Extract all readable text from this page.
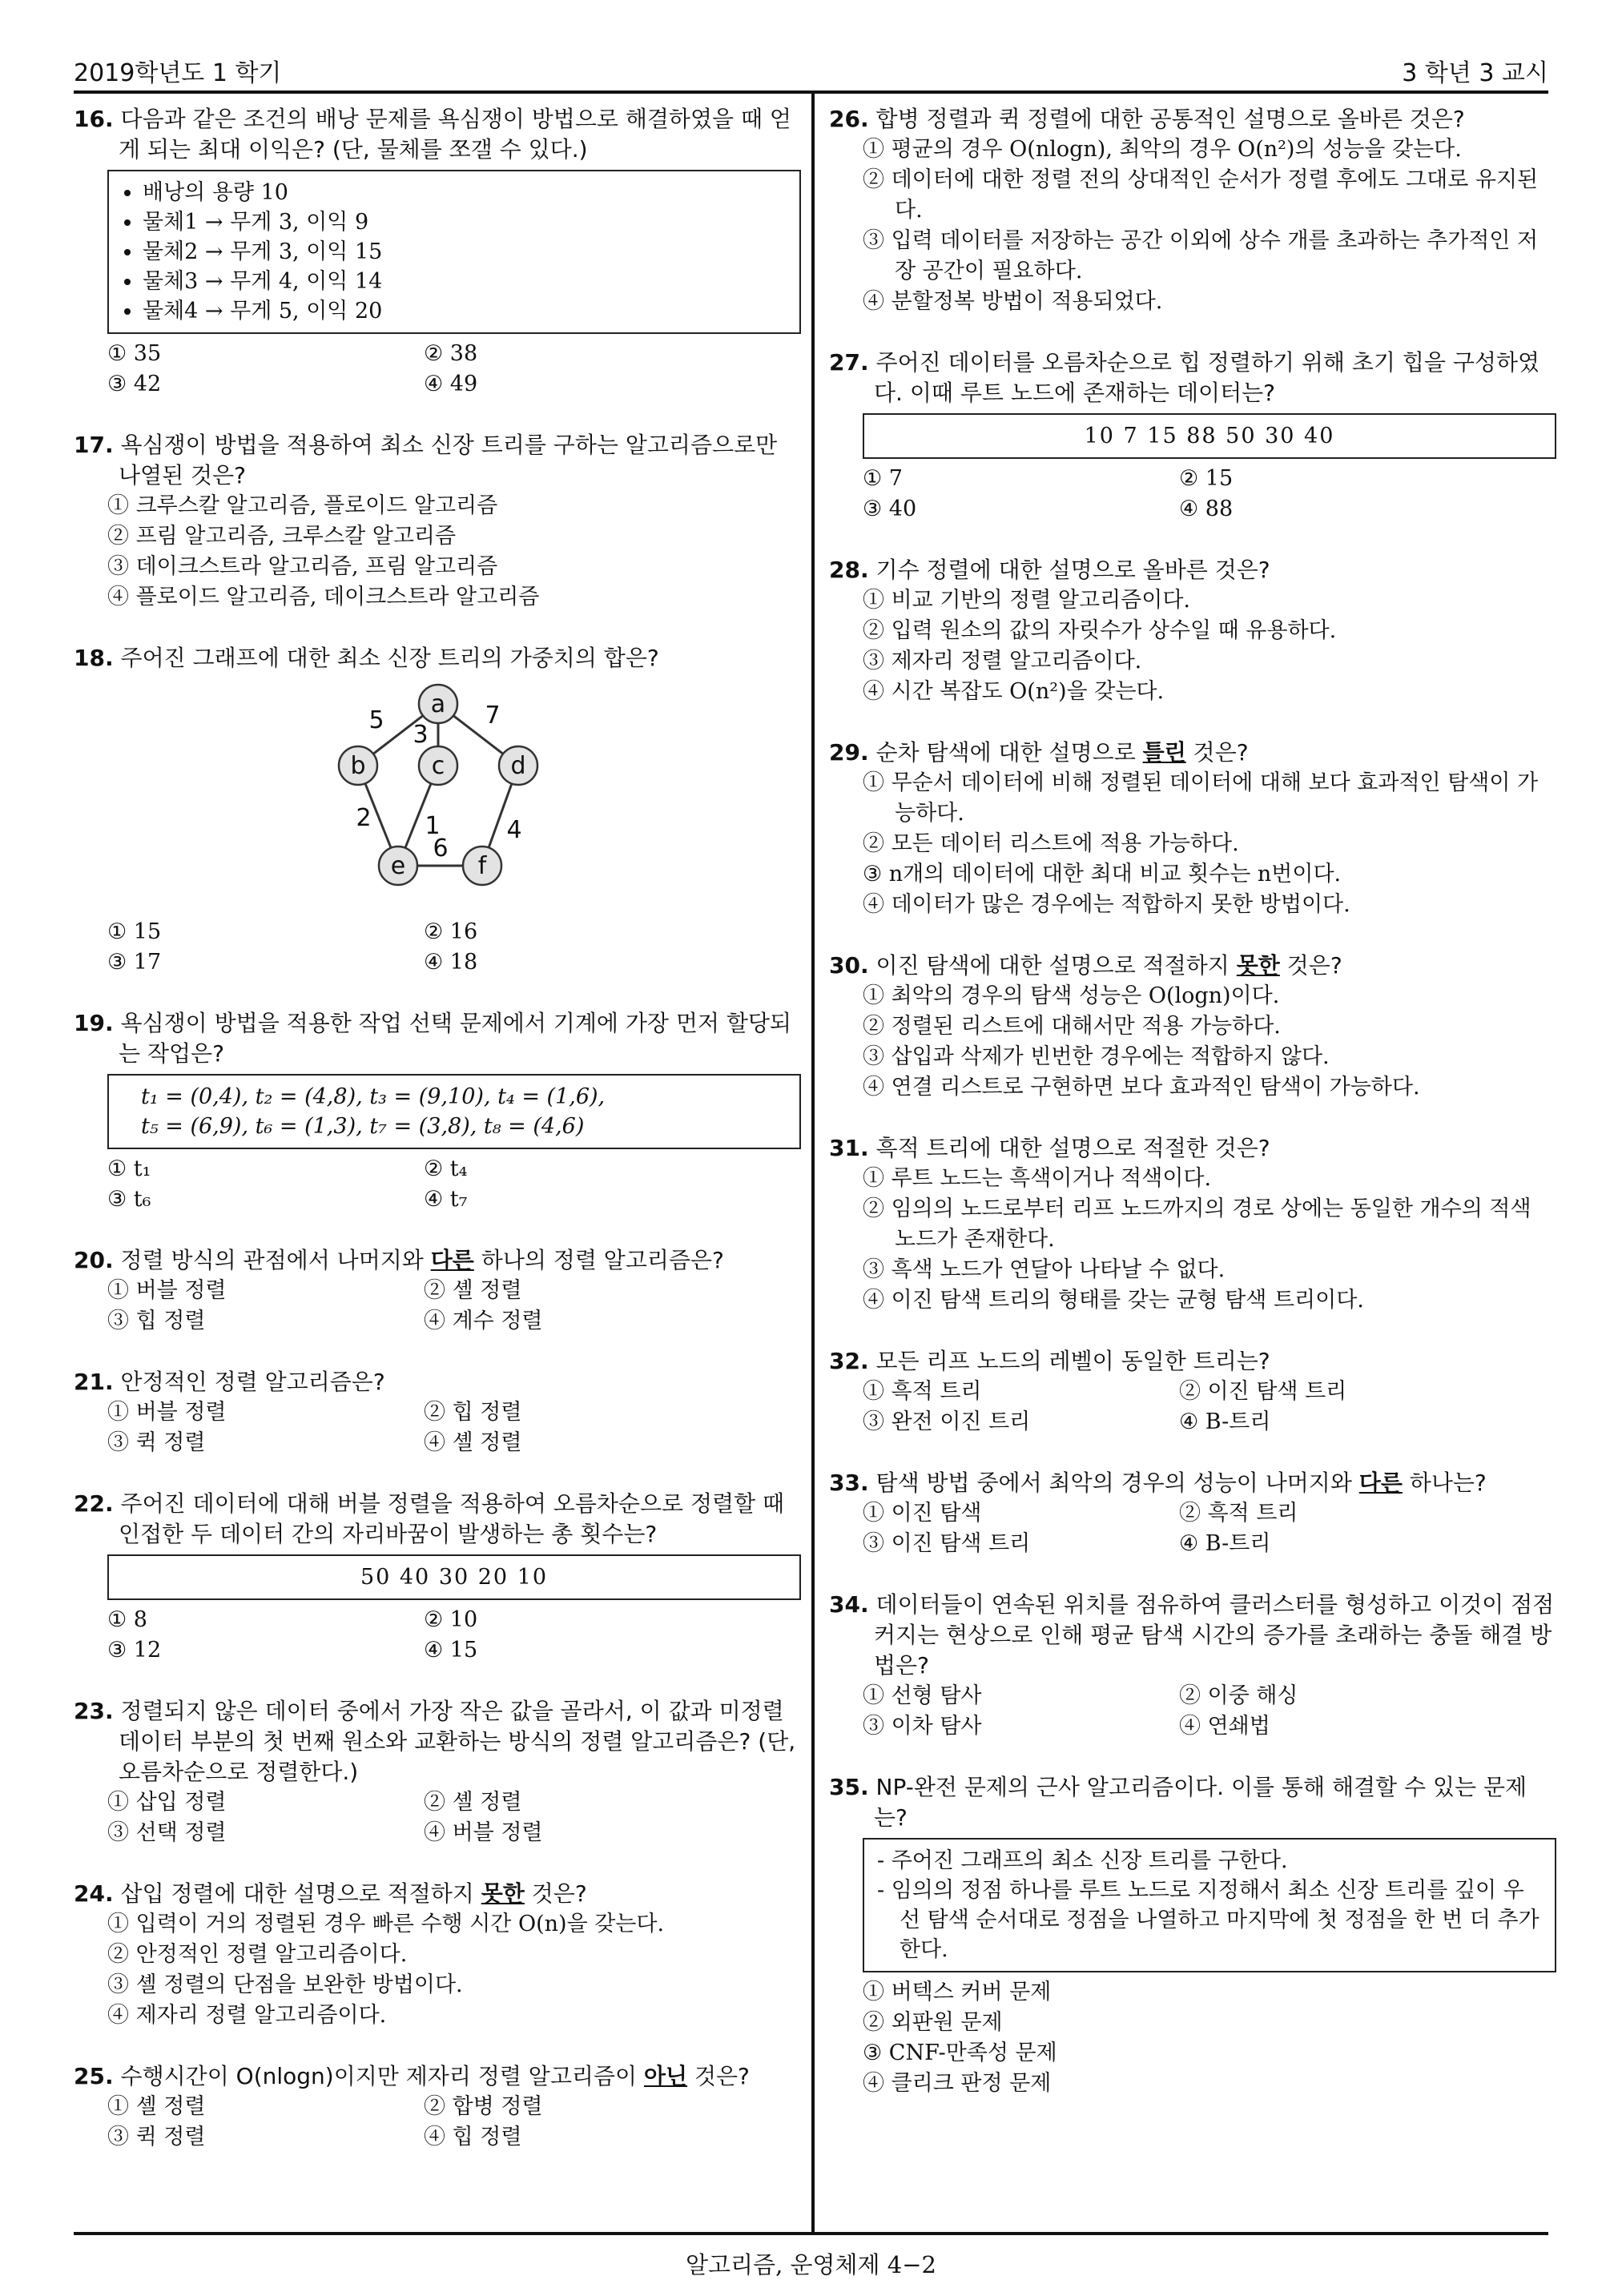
2019학년도 1 학기	3 학년 3 교시
16. 다음과 같은 조건의 배낭 문제를 욕심쟁이 방법으로 해결하였을 때 얻게 되는 최대 이익은? (단, 물체를 쪼갤 수 있다.)
• 배낭의 용량 10
• 물체1 → 무게 3, 이익 9
• 물체2 → 무게 3, 이익 15
• 물체3 → 무게 4, 이익 14
• 물체4 → 무게 5, 이익 20
① 35	② 38
③ 42	④ 49
17. 욕심쟁이 방법을 적용하여 최소 신장 트리를 구하는 알고리즘으로만 나열된 것은?
① 크루스칼 알고리즘, 플로이드 알고리즘
② 프림 알고리즘, 크루스칼 알고리즘
③ 데이크스트라 알고리즘, 프림 알고리즘
④ 플로이드 알고리즘, 데이크스트라 알고리즘
18. 주어진 그래프에 대한 최소 신장 트리의 가중치의 합은?
a
b	c	d
e	f
5
3
7
2 1	4
6
① 15	② 16
③ 17	④ 18
19. 욕심쟁이 방법을 적용한 작업 선택 문제에서 기계에 가장 먼저 할당되는 작업은?
t₁ = (0,4), t₂ = (4,8), t₃ = (9,10), t₄ = (1,6),
t₅ = (6,9), t₆ = (1,3), t₇ = (3,8), t₈ = (4,6)
① t₁	② t₄
③ t₆	④ t₇
20. 정렬 방식의 관점에서 나머지와 다른 하나의 정렬 알고리즘은?
① 버블 정렬	② 셸 정렬
③ 힙 정렬	④ 계수 정렬
21. 안정적인 정렬 알고리즘은?
① 버블 정렬	② 힙 정렬
③ 퀵 정렬	④ 셸 정렬
22. 주어진 데이터에 대해 버블 정렬을 적용하여 오름차순으로 정렬할 때 인접한 두 데이터 간의 자리바꿈이 발생하는 총 횟수는?
50 40 30 20 10
① 8	② 10
③ 12	④ 15
23. 정렬되지 않은 데이터 중에서 가장 작은 값을 골라서, 이 값과 미정렬 데이터 부분의 첫 번째 원소와 교환하는 방식의 정렬 알고리즘은? (단, 오름차순으로 정렬한다.)
① 삽입 정렬	② 셸 정렬
③ 선택 정렬	④ 버블 정렬
24. 삽입 정렬에 대한 설명으로 적절하지 못한 것은?
① 입력이 거의 정렬된 경우 빠른 수행 시간 O(n)을 갖는다.
② 안정적인 정렬 알고리즘이다.
③ 셸 정렬의 단점을 보완한 방법이다.
④ 제자리 정렬 알고리즘이다.
25. 수행시간이 O(nlogn)이지만 제자리 정렬 알고리즘이 아닌 것은?
① 셸 정렬	② 합병 정렬
③ 퀵 정렬	④ 힙 정렬
26. 합병 정렬과 퀵 정렬에 대한 공통적인 설명으로 올바른 것은?
① 평균의 경우 O(nlogn), 최악의 경우 O(n²)의 성능을 갖는다.
② 데이터에 대한 정렬 전의 상대적인 순서가 정렬 후에도 그대로 유지된다.
③ 입력 데이터를 저장하는 공간 이외에 상수 개를 초과하는 추가적인 저장 공간이 필요하다.
④ 분할정복 방법이 적용되었다.
27. 주어진 데이터를 오름차순으로 힙 정렬하기 위해 초기 힙을 구성하였다. 이때 루트 노드에 존재하는 데이터는?
10 7 15 88 50 30 40
① 7	② 15
③ 40	④ 88
28. 기수 정렬에 대한 설명으로 올바른 것은?
① 비교 기반의 정렬 알고리즘이다.
② 입력 원소의 값의 자릿수가 상수일 때 유용하다.
③ 제자리 정렬 알고리즘이다.
④ 시간 복잡도 O(n²)을 갖는다.
29. 순차 탐색에 대한 설명으로 틀린 것은?
① 무순서 데이터에 비해 정렬된 데이터에 대해 보다 효과적인 탐색이 가능하다.
② 모든 데이터 리스트에 적용 가능하다.
③ n개의 데이터에 대한 최대 비교 횟수는 n번이다.
④ 데이터가 많은 경우에는 적합하지 못한 방법이다.
30. 이진 탐색에 대한 설명으로 적절하지 못한 것은?
① 최악의 경우의 탐색 성능은 O(logn)이다.
② 정렬된 리스트에 대해서만 적용 가능하다.
③ 삽입과 삭제가 빈번한 경우에는 적합하지 않다.
④ 연결 리스트로 구현하면 보다 효과적인 탐색이 가능하다.
31. 흑적 트리에 대한 설명으로 적절한 것은?
① 루트 노드는 흑색이거나 적색이다.
② 임의의 노드로부터 리프 노드까지의 경로 상에는 동일한 개수의 적색 노드가 존재한다.
③ 흑색 노드가 연달아 나타날 수 없다.
④ 이진 탐색 트리의 형태를 갖는 균형 탐색 트리이다.
32. 모든 리프 노드의 레벨이 동일한 트리는?
① 흑적 트리	② 이진 탐색 트리
③ 완전 이진 트리	④ B-트리
33. 탐색 방법 중에서 최악의 경우의 성능이 나머지와 다른 하나는?
① 이진 탐색	② 흑적 트리
③ 이진 탐색 트리	④ B-트리
34. 데이터들이 연속된 위치를 점유하여 클러스터를 형성하고 이것이 점점 커지는 현상으로 인해 평균 탐색 시간의 증가를 초래하는 충돌 해결 방법은?
① 선형 탐사	② 이중 해싱
③ 이차 탐사	④ 연쇄법
35. NP-완전 문제의 근사 알고리즘이다. 이를 통해 해결할 수 있는 문제는?
- 주어진 그래프의 최소 신장 트리를 구한다.
- 임의의 정점 하나를 루트 노드로 지정해서 최소 신장 트리를 깊이 우선 탐색 순서대로 정점을 나열하고 마지막에 첫 정점을 한 번 더 추가한다.
① 버텍스 커버 문제
② 외판원 문제
③ CNF-만족성 문제
④ 클리크 판정 문제
알고리즘, 운영체제 4−2
